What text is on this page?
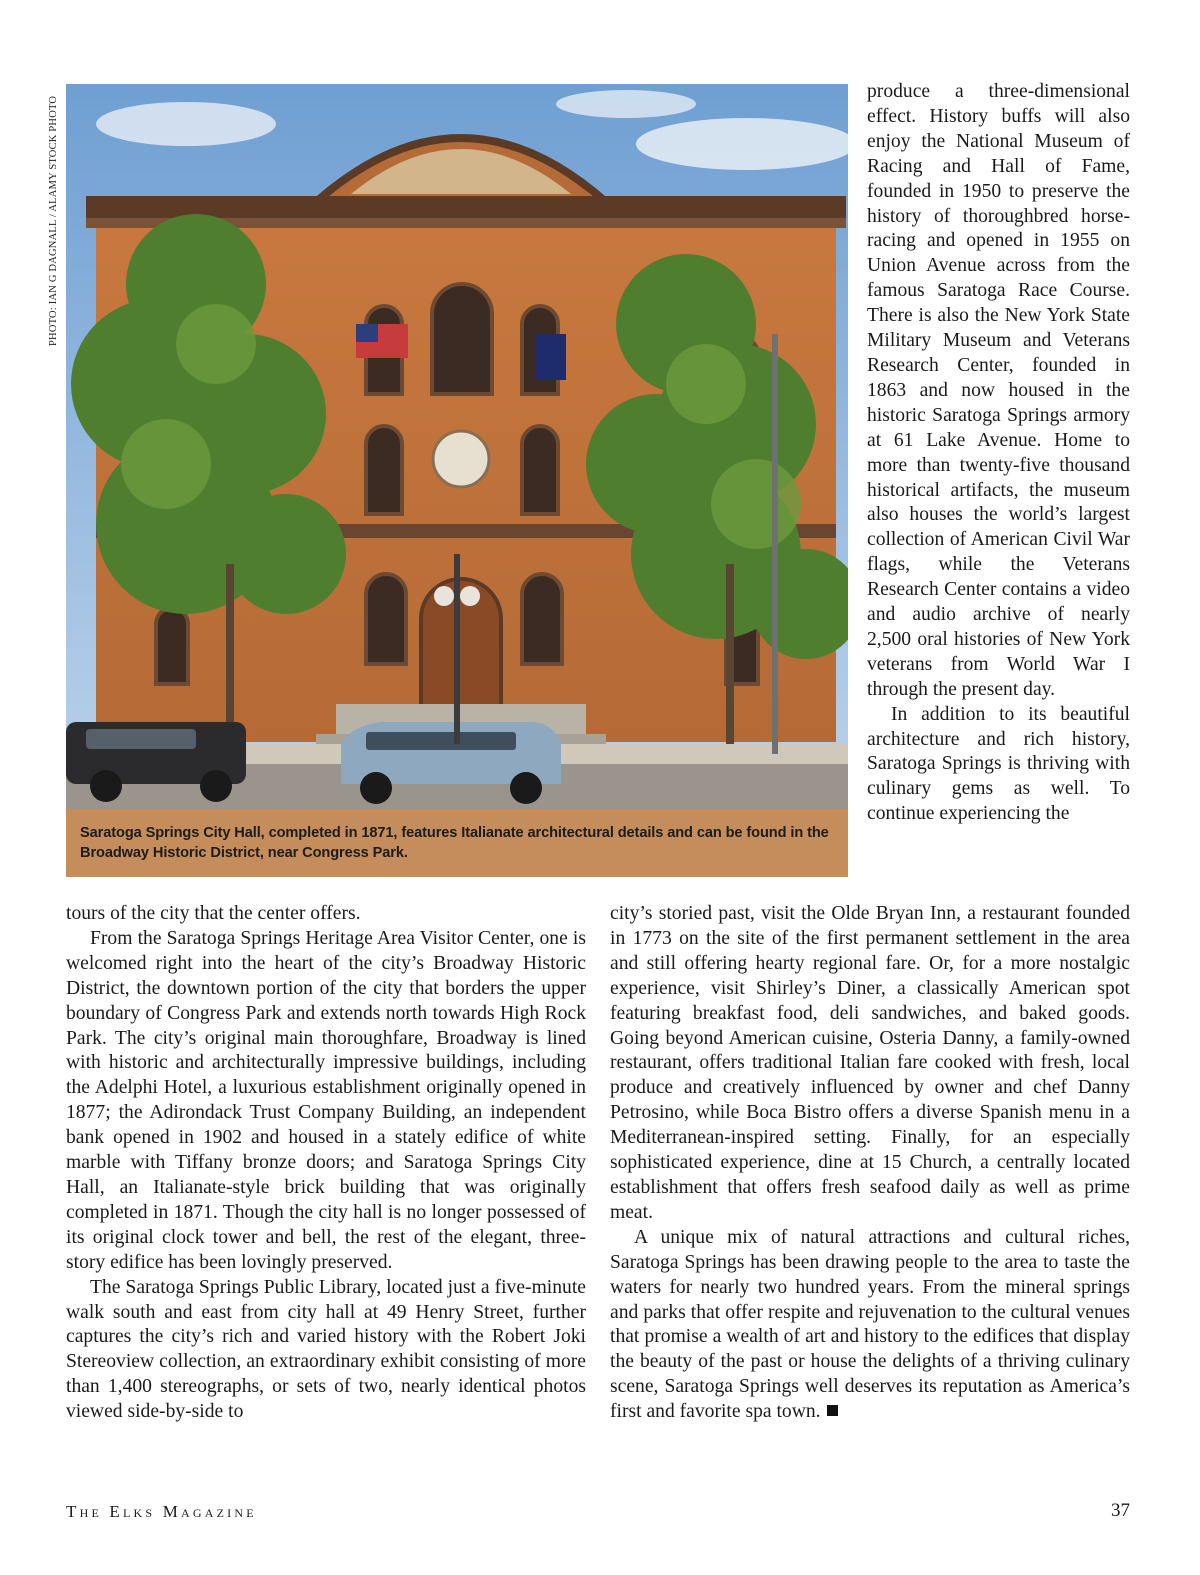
PHOTO: IAN G DAGNALL / ALAMY STOCK PHOTO
Saratoga Springs City Hall, completed in 1871, features Italianate architectural details and can be found in the Broadway Historic District, near Congress Park.

produce a three-dimensional effect. History buffs will also enjoy the National Museum of Racing and Hall of Fame, founded in 1950 to preserve the history of thoroughbred horse-racing and opened in 1955 on Union Avenue across from the famous Saratoga Race Course. There is also the New York State Military Museum and Veterans Research Center, founded in 1863 and now housed in the historic Saratoga Springs armory at 61 Lake Avenue. Home to more than twenty-five thousand historical artifacts, the museum also houses the world’s largest collection of American Civil War flags, while the Veterans Research Center contains a video and audio archive of nearly 2,500 oral histories of New York veterans from World War I through the present day.

In addition to its beautiful architecture and rich history, Saratoga Springs is thriving with culinary gems as well. To continue experiencing the

tours of the city that the center offers.

From the Saratoga Springs Heritage Area Visitor Center, one is welcomed right into the heart of the city’s Broadway Historic District, the downtown portion of the city that borders the upper boundary of Congress Park and extends north towards High Rock Park. The city’s original main thoroughfare, Broadway is lined with historic and architecturally impressive buildings, including the Adelphi Hotel, a luxurious establishment originally opened in 1877; the Adirondack Trust Company Building, an independent bank opened in 1902 and housed in a stately edifice of white marble with Tiffany bronze doors; and Saratoga Springs City Hall, an Italianate-style brick building that was originally completed in 1871. Though the city hall is no longer possessed of its original clock tower and bell, the rest of the elegant, three-story edifice has been lovingly preserved.

The Saratoga Springs Public Library, located just a five-minute walk south and east from city hall at 49 Henry Street, further captures the city’s rich and varied history with the Robert Joki Stereoview collection, an extraordinary exhibit consisting of more than 1,400 stereographs, or sets of two, nearly identical photos viewed side-by-side to

city’s storied past, visit the Olde Bryan Inn, a restaurant founded in 1773 on the site of the first permanent settlement in the area and still offering hearty regional fare. Or, for a more nostalgic experience, visit Shirley’s Diner, a classically American spot featuring breakfast food, deli sandwiches, and baked goods. Going beyond American cuisine, Osteria Danny, a family-owned restaurant, offers traditional Italian fare cooked with fresh, local produce and creatively influenced by owner and chef Danny Petrosino, while Boca Bistro offers a diverse Spanish menu in a Mediterranean-inspired setting. Finally, for an especially sophisticated experience, dine at 15 Church, a centrally located establishment that offers fresh seafood daily as well as prime meat.

A unique mix of natural attractions and cultural riches, Saratoga Springs has been drawing people to the area to taste the waters for nearly two hundred years. From the mineral springs and parks that offer respite and rejuvenation to the cultural venues that promise a wealth of art and history to the edifices that display the beauty of the past or house the delights of a thriving culinary scene, Saratoga Springs well deserves its reputation as America’s first and favorite spa town.

The Elks Magazine	37
